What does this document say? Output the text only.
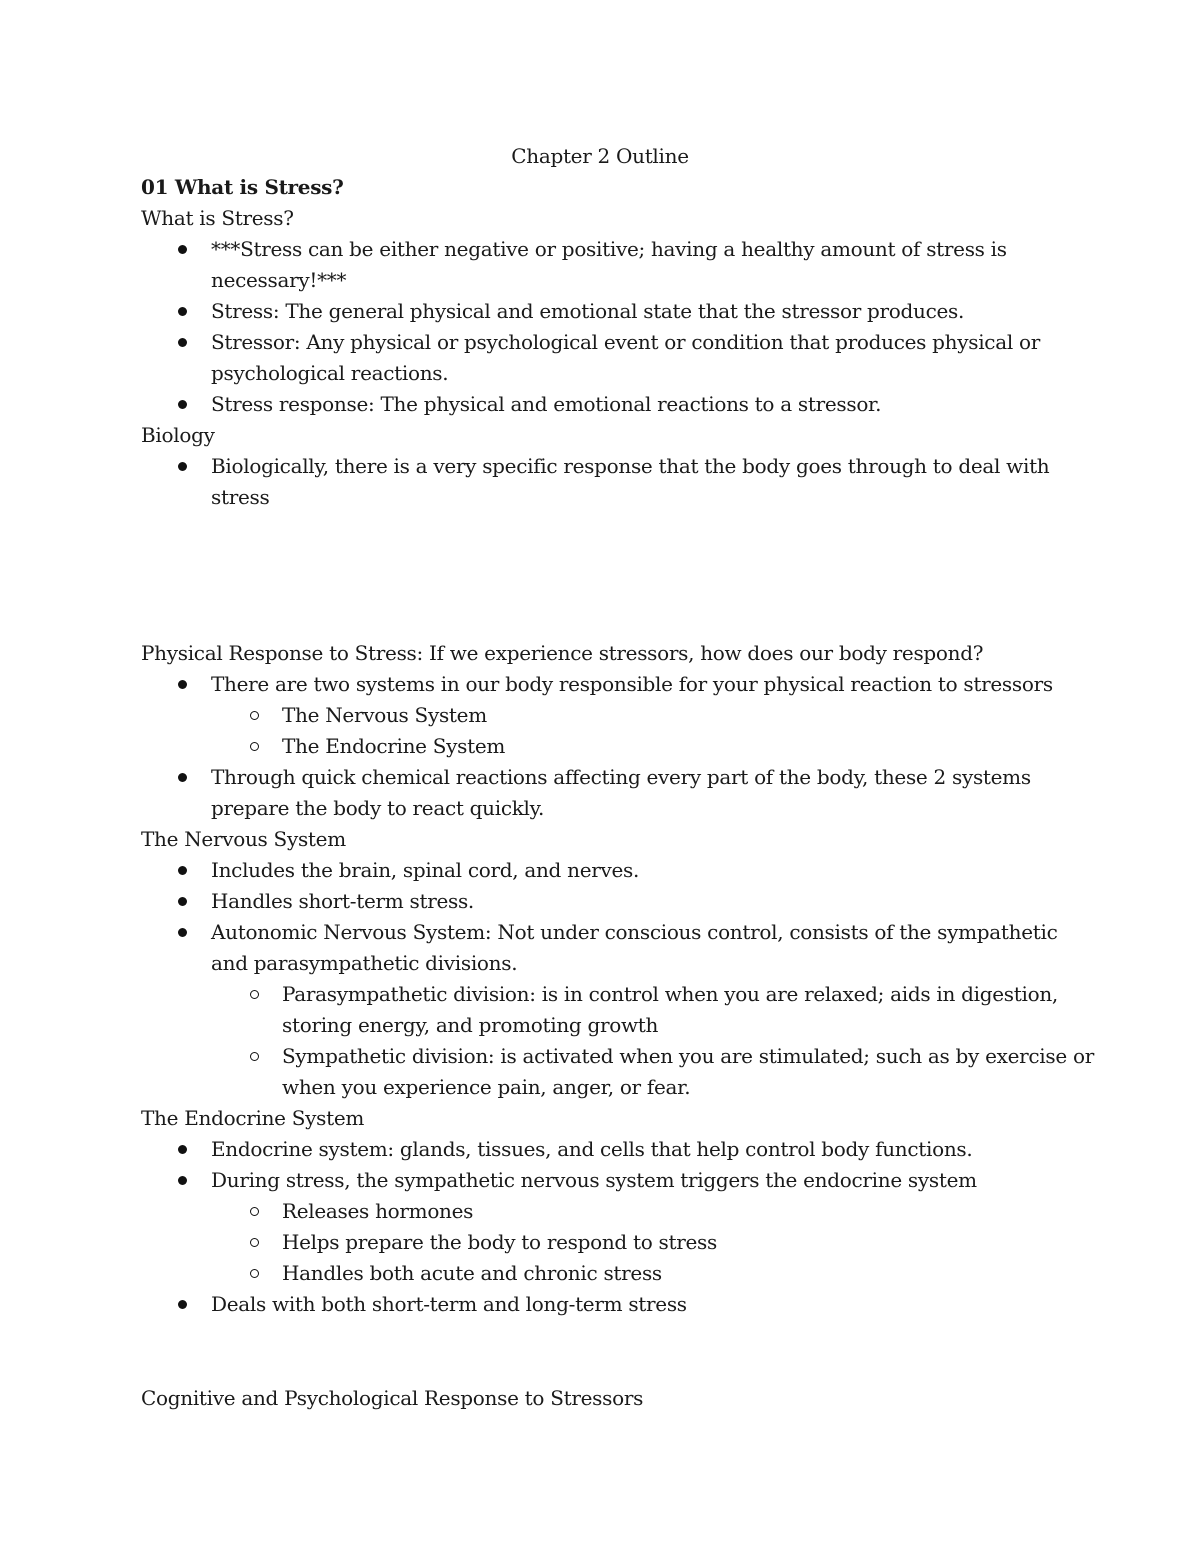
Chapter 2 Outline
01 What is Stress?
What is Stress?
***Stress can be either negative or positive; having a healthy amount of stress is
necessary!***
Stress: The general physical and emotional state that the stressor produces.
Stressor: Any physical or psychological event or condition that produces physical or
psychological reactions.
Stress response: The physical and emotional reactions to a stressor.
Biology
Biologically, there is a very specific response that the body goes through to deal with
stress
Physical Response to Stress: If we experience stressors, how does our body respond?
There are two systems in our body responsible for your physical reaction to stressors
The Nervous System
The Endocrine System
Through quick chemical reactions affecting every part of the body, these 2 systems
prepare the body to react quickly.
The Nervous System
Includes the brain, spinal cord, and nerves.
Handles short-term stress.
Autonomic Nervous System: Not under conscious control, consists of the sympathetic
and parasympathetic divisions.
Parasympathetic division: is in control when you are relaxed; aids in digestion,
storing energy, and promoting growth
Sympathetic division: is activated when you are stimulated; such as by exercise or
when you experience pain, anger, or fear.
The Endocrine System
Endocrine system: glands, tissues, and cells that help control body functions.
During stress, the sympathetic nervous system triggers the endocrine system
Releases hormones
Helps prepare the body to respond to stress
Handles both acute and chronic stress
Deals with both short-term and long-term stress
Cognitive and Psychological Response to Stressors
